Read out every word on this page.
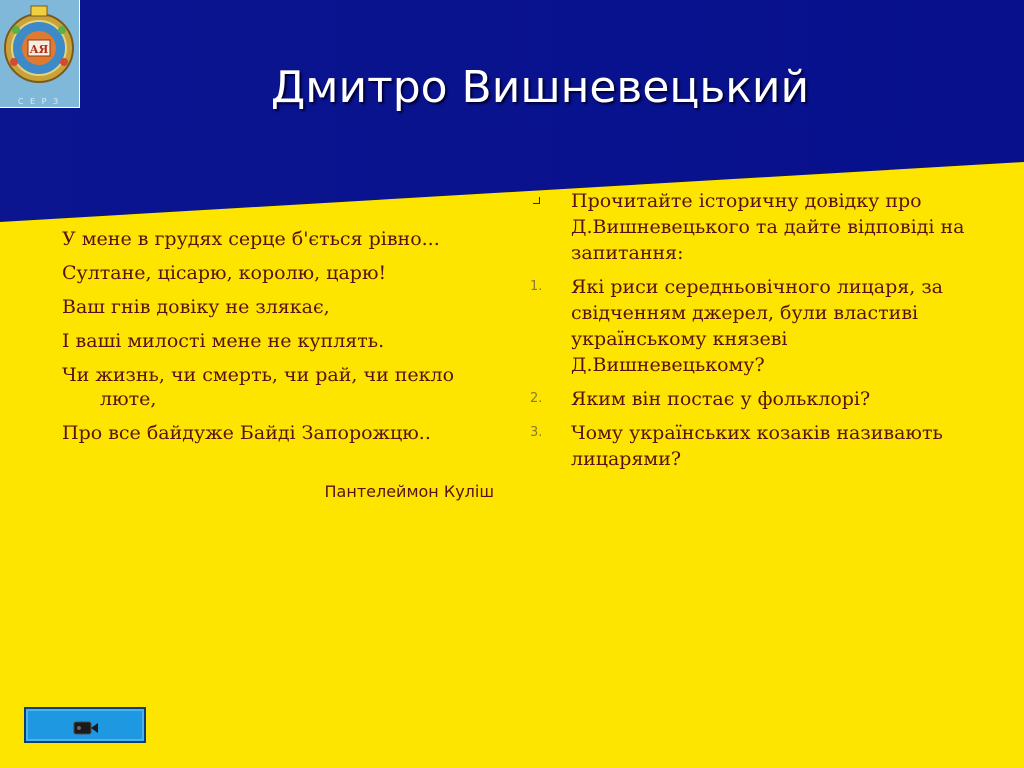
АЯ
С Е Р З	Дмитро Вишневецький
У мене в грудях серце б'ється рівно...
Султане, цісарю, королю, царю!
Ваш гнів довіку не злякає,
І ваші милості мене не куплять.
Чи жизнь, чи смерть, чи рай, чи пекло люте,
Про все байдуже Байді Запорожцю..
Пантелеймон Куліш
Прочитайте історичну довідку про Д.Вишневецького та дайте відповіді на запитання:
1. Які риси середньовічного лицаря, за свідченням джерел, були властиві українському князеві Д.Вишневецькому?
2. Яким він постає у фольклорі?
3. Чому українських козаків називають лицарями?
